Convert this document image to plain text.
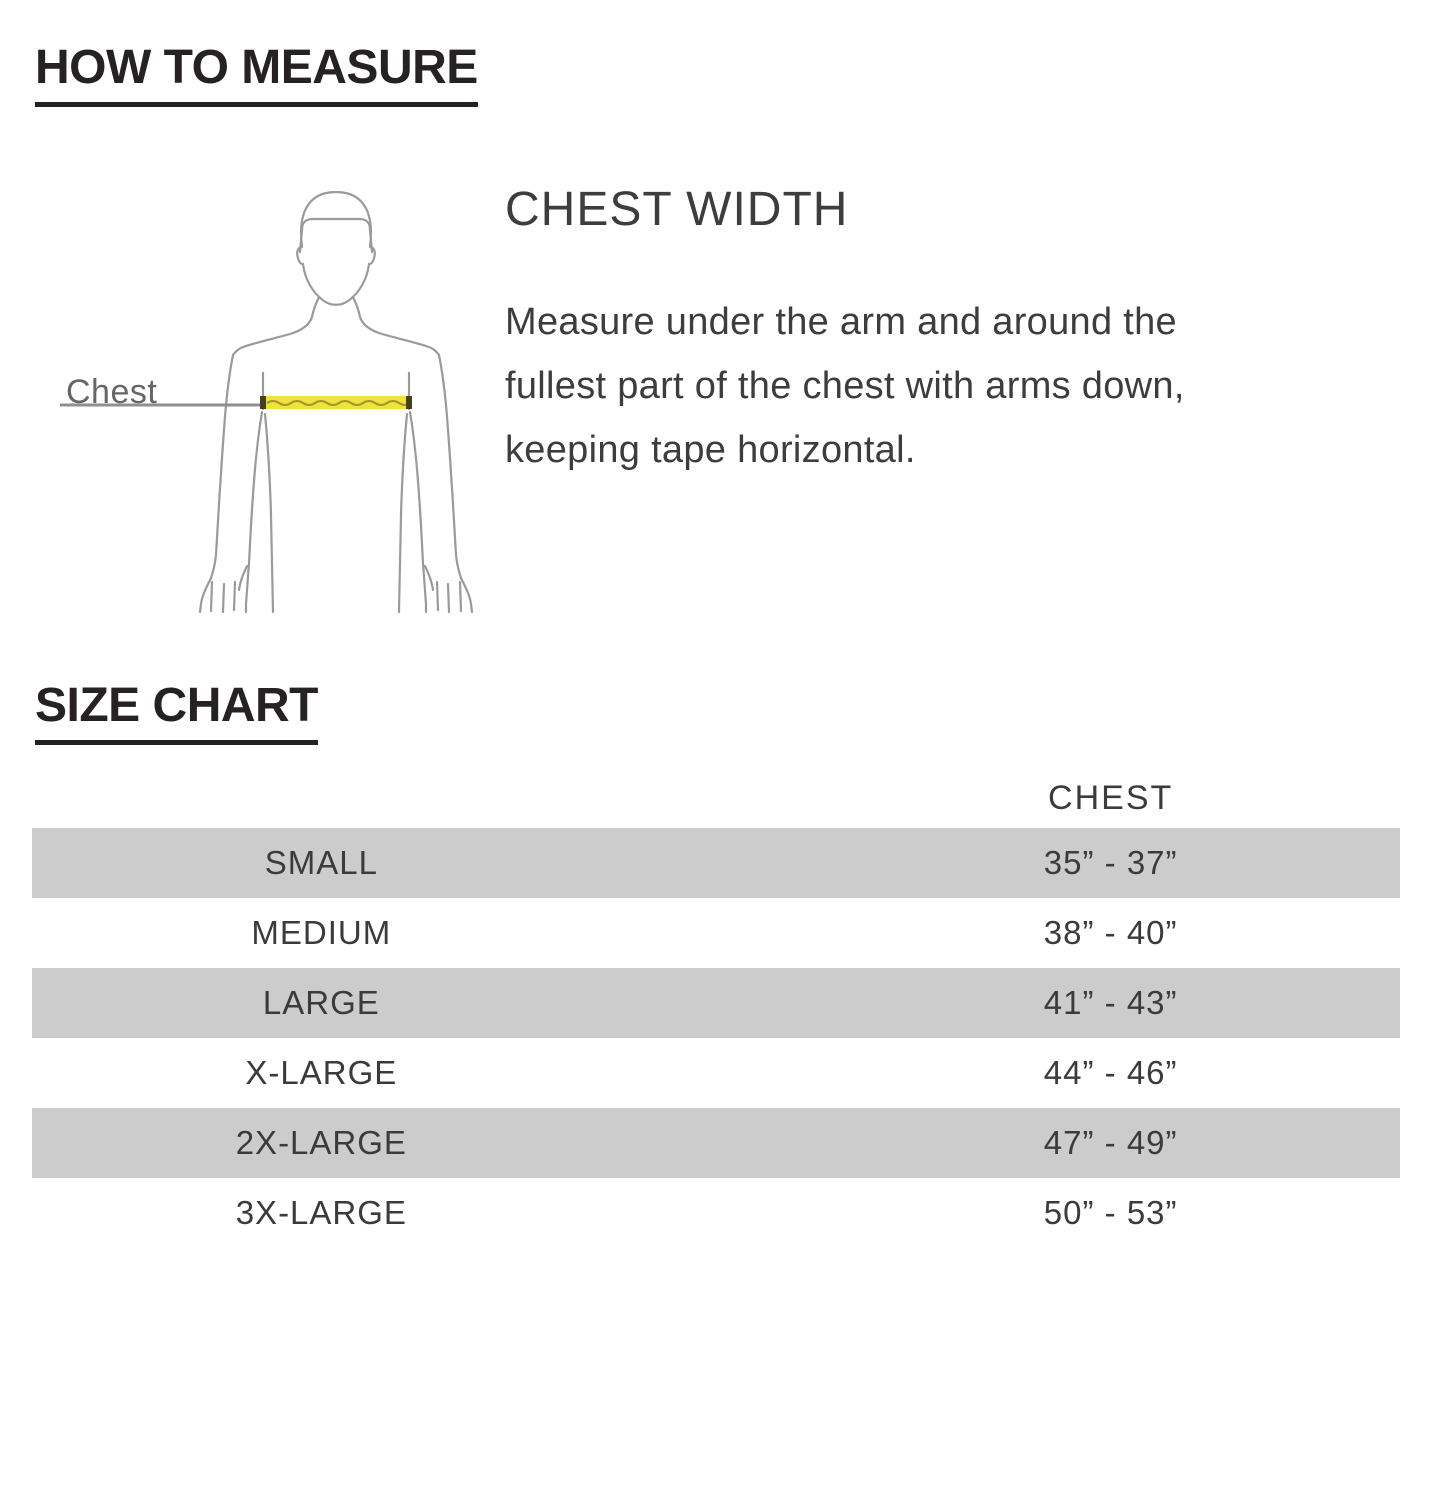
HOW TO MEASURE
Chest
CHEST WIDTH
Measure under the arm and around the
fullest part of the chest with arms down,
keeping tape horizontal.
SIZE CHART
CHEST
SMALL	35” - 37”
MEDIUM	38” - 40”
LARGE	41” - 43”
X-LARGE	44” - 46”
2X-LARGE	47” - 49”
3X-LARGE	50” - 53”
